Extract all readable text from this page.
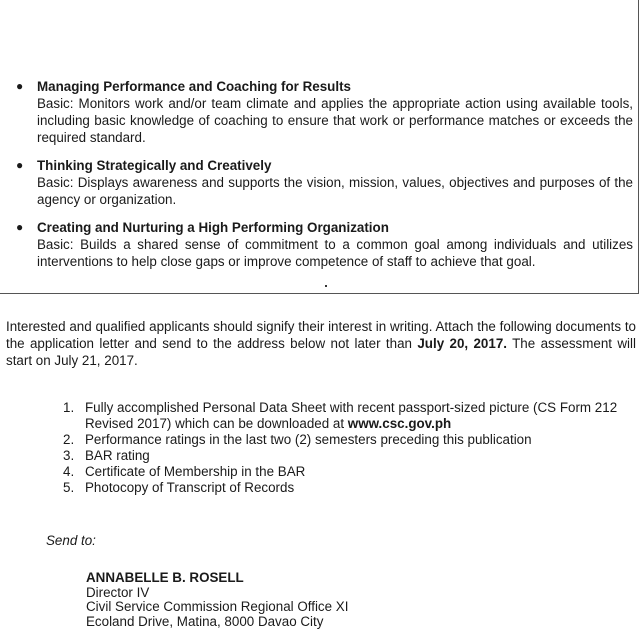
● Managing Performance and Coaching for Results
Basic: Monitors work and/or team climate and applies the appropriate action using available tools, including basic knowledge of coaching to ensure that work or performance matches or exceeds the required standard.
● Thinking Strategically and Creatively
Basic: Displays awareness and supports the vision, mission, values, objectives and purposes of the agency or organization.
● Creating and Nurturing a High Performing Organization
Basic: Builds a shared sense of commitment to a common goal among individuals and utilizes interventions to help close gaps or improve competence of staff to achieve that goal.
Interested and qualified applicants should signify their interest in writing. Attach the following documents to the application letter and send to the address below not later than July 20, 2017. The assessment will start on July 21, 2017.
1. Fully accomplished Personal Data Sheet with recent passport-sized picture (CS Form 212 Revised 2017) which can be downloaded at www.csc.gov.ph
2. Performance ratings in the last two (2) semesters preceding this publication
3. BAR rating
4. Certificate of Membership in the BAR
5. Photocopy of Transcript of Records
Send to:
ANNABELLE B. ROSELL
Director IV
Civil Service Commission Regional Office XI
Ecoland Drive, Matina, 8000 Davao City
